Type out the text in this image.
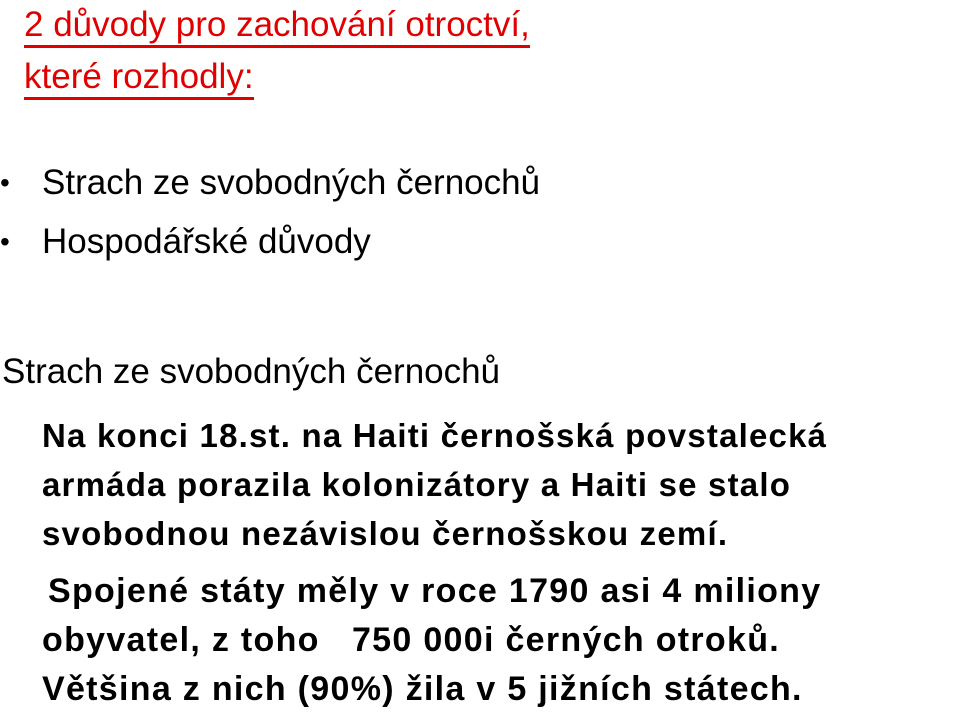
2 důvody pro zachování otroctví,
které rozhodly:
• Strach ze svobodných černochů
• Hospodářské důvody
Strach ze svobodných černochů

Na konci 18.st. na Haiti černošská povstalecká
armáda porazila kolonizátory a Haiti se stalo
svobodnou nezávislou černošskou zemí.

Spojené státy měly v roce 1790 asi 4 miliony
obyvatel, z toho   750 000i černých otroků.
Většina z nich (90%) žila v 5 jižních státech.
